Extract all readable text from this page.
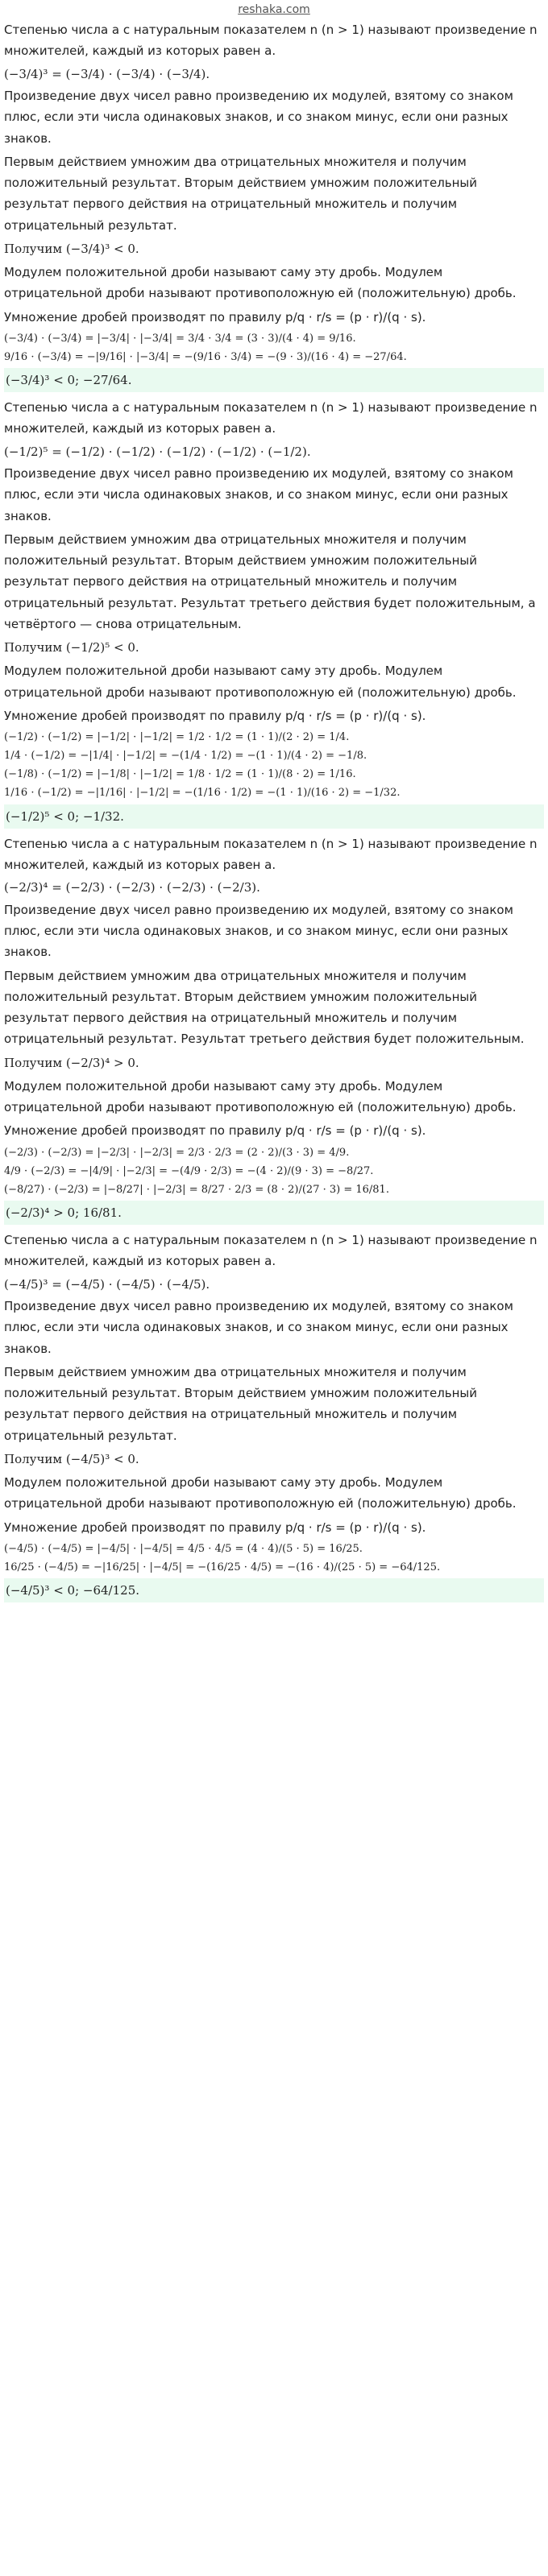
reshaka.com
Степенью числа a с натуральным показателем n (n > 1) называют произведение n множителей, каждый из которых равен a.
(−3/4)³ = (−3/4) · (−3/4) · (−3/4).
Произведение двух чисел равно произведению их модулей, взятому со знаком плюс, если эти числа одинаковых знаков, и со знаком минус, если они разных знаков.
Первым действием умножим два отрицательных множителя и получим положительный результат. Вторым действием умножим положительный результат первого действия на отрицательный множитель и получим отрицательный результат.
Получим (−3/4)³ < 0.
Модулем положительной дроби называют саму эту дробь. Модулем отрицательной дроби называют противоположную ей (положительную) дробь.
Умножение дробей производят по правилу p/q · r/s = (p · r)/(q · s).
(−3/4) · (−3/4) = |−3/4| · |−3/4| = 3/4 · 3/4 = (3 · 3)/(4 · 4) = 9/16.
9/16 · (−3/4) = −|9/16| · |−3/4| = −(9/16 · 3/4) = −(9 · 3)/(16 · 4) = −27/64.
(−3/4)³ < 0; −27/64.
Степенью числа a с натуральным показателем n (n > 1) называют произведение n множителей, каждый из которых равен a.
(−1/2)⁵ = (−1/2) · (−1/2) · (−1/2) · (−1/2) · (−1/2).
Произведение двух чисел равно произведению их модулей, взятому со знаком плюс, если эти числа одинаковых знаков, и со знаком минус, если они разных знаков.
Первым действием умножим два отрицательных множителя и получим положительный результат. Вторым действием умножим положительный результат первого действия на отрицательный множитель и получим отрицательный результат. Результат третьего действия будет положительным, а четвёртого — снова отрицательным.
Получим (−1/2)⁵ < 0.
Модулем положительной дроби называют саму эту дробь. Модулем отрицательной дроби называют противоположную ей (положительную) дробь.
Умножение дробей производят по правилу p/q · r/s = (p · r)/(q · s).
(−1/2) · (−1/2) = |−1/2| · |−1/2| = 1/2 · 1/2 = (1 · 1)/(2 · 2) = 1/4.
1/4 · (−1/2) = −|1/4| · |−1/2| = −(1/4 · 1/2) = −(1 · 1)/(4 · 2) = −1/8.
(−1/8) · (−1/2) = |−1/8| · |−1/2| = 1/8 · 1/2 = (1 · 1)/(8 · 2) = 1/16.
1/16 · (−1/2) = −|1/16| · |−1/2| = −(1/16 · 1/2) = −(1 · 1)/(16 · 2) = −1/32.
(−1/2)⁵ < 0; −1/32.
Степенью числа a с натуральным показателем n (n > 1) называют произведение n множителей, каждый из которых равен a.
(−2/3)⁴ = (−2/3) · (−2/3) · (−2/3) · (−2/3).
Произведение двух чисел равно произведению их модулей, взятому со знаком плюс, если эти числа одинаковых знаков, и со знаком минус, если они разных знаков.
Первым действием умножим два отрицательных множителя и получим положительный результат. Вторым действием умножим положительный результат первого действия на отрицательный множитель и получим отрицательный результат. Результат третьего действия будет положительным.
Получим (−2/3)⁴ > 0.
Модулем положительной дроби называют саму эту дробь. Модулем отрицательной дроби называют противоположную ей (положительную) дробь.
Умножение дробей производят по правилу p/q · r/s = (p · r)/(q · s).
(−2/3) · (−2/3) = |−2/3| · |−2/3| = 2/3 · 2/3 = (2 · 2)/(3 · 3) = 4/9.
4/9 · (−2/3) = −|4/9| · |−2/3| = −(4/9 · 2/3) = −(4 · 2)/(9 · 3) = −8/27.
(−8/27) · (−2/3) = |−8/27| · |−2/3| = 8/27 · 2/3 = (8 · 2)/(27 · 3) = 16/81.
(−2/3)⁴ > 0; 16/81.
Степенью числа a с натуральным показателем n (n > 1) называют произведение n множителей, каждый из которых равен a.
(−4/5)³ = (−4/5) · (−4/5) · (−4/5).
Произведение двух чисел равно произведению их модулей, взятому со знаком плюс, если эти числа одинаковых знаков, и со знаком минус, если они разных знаков.
Первым действием умножим два отрицательных множителя и получим положительный результат. Вторым действием умножим положительный результат первого действия на отрицательный множитель и получим отрицательный результат.
Получим (−4/5)³ < 0.
Модулем положительной дроби называют саму эту дробь. Модулем отрицательной дроби называют противоположную ей (положительную) дробь.
Умножение дробей производят по правилу p/q · r/s = (p · r)/(q · s).
(−4/5) · (−4/5) = |−4/5| · |−4/5| = 4/5 · 4/5 = (4 · 4)/(5 · 5) = 16/25.
16/25 · (−4/5) = −|16/25| · |−4/5| = −(16/25 · 4/5) = −(16 · 4)/(25 · 5) = −64/125.
(−4/5)³ < 0; −64/125.
